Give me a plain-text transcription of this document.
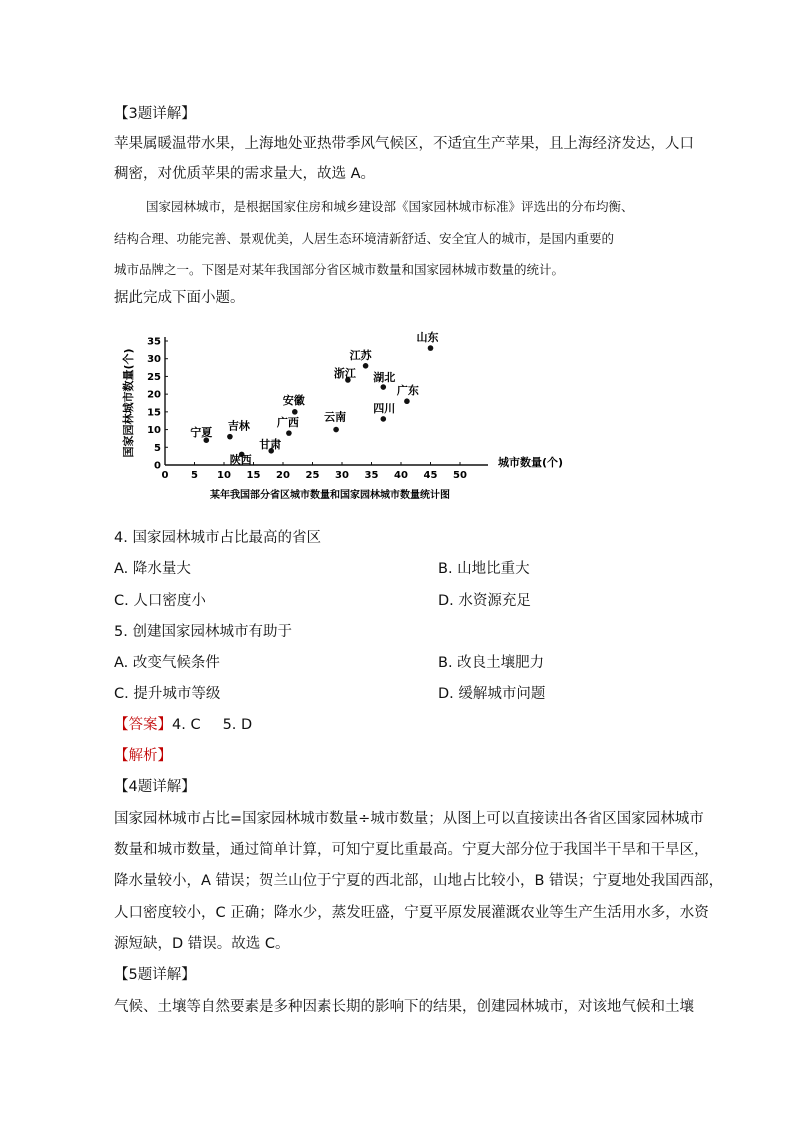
【3题详解】
苹果属暖温带水果，上海地处亚热带季风气候区，不适宜生产苹果，且上海经济发达，人口
稠密，对优质苹果的需求量大，故选 A。
国家园林城市，是根据国家住房和城乡建设部《国家园林城市标准》评选出的分布均衡、
结构合理、功能完善、景观优美，人居生态环境清新舒适、安全宜人的城市，是国内重要的
城市品牌之一。下图是对某年我国部分省区城市数量和国家园林城市数量的统计。
据此完成下面小题。
0 5 10 15 20 25 30 35 40 45 50
0
5
10
15
20
25
30
35
宁夏
吉林
陕西
甘肃
广西
安徽
云南
浙江
江苏
湖北
四川
广东
山东
城市数量(个)
国家园林城市数量(个)
某年我国部分省区城市数量和国家园林城市数量统计图
4. 国家园林城市占比最高的省区
A. 降水量大	B. 山地比重大
C. 人口密度小	D. 水资源充足
5. 创建国家园林城市有助于
A. 改变气候条件	B. 改良土壤肥力
C. 提升城市等级	D. 缓解城市问题
【答案】4. C 5. D
【解析】
【4题详解】
国家园林城市占比=国家园林城市数量÷城市数量；从图上可以直接读出各省区国家园林城市
数量和城市数量，通过简单计算，可知宁夏比重最高。宁夏大部分位于我国半干旱和干旱区，
降水量较小，A 错误；贺兰山位于宁夏的西北部，山地占比较小，B 错误；宁夏地处我国西部，
人口密度较小，C 正确；降水少，蒸发旺盛，宁夏平原发展灌溉农业等生产生活用水多，水资
源短缺，D 错误。故选 C。
【5题详解】
气候、土壤等自然要素是多种因素长期的影响下的结果，创建园林城市，对该地气候和土壤
